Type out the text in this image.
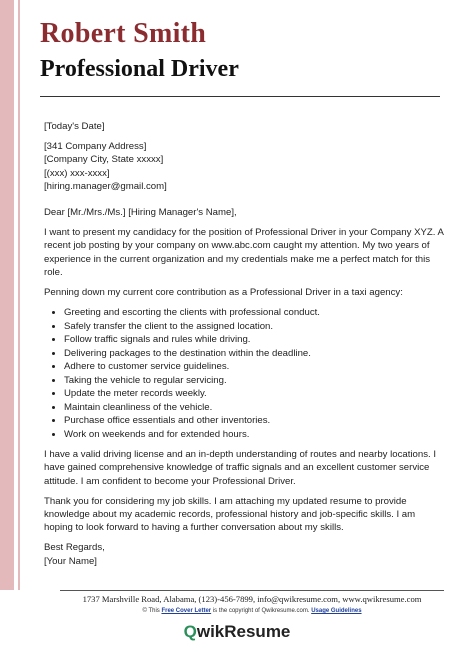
Robert Smith
Professional Driver

[Today's Date]

[341 Company Address]

[Company City, State xxxxx]

[(xxx) xxx-xxxx]

[hiring.manager@gmail.com]

Dear [Mr./Mrs./Ms.] [Hiring Manager's Name],

I want to present my candidacy for the position of Professional Driver in your Company XYZ. A recent job posting by your company on www.abc.com caught my attention. My two years of experience in the current organization and my credentials make me a perfect match for this role.

Penning down my current core contribution as a Professional Driver in a taxi agency:

• Greeting and escorting the clients with professional conduct.
• Safely transfer the client to the assigned location.
• Follow traffic signals and rules while driving.
• Delivering packages to the destination within the deadline.
• Adhere to customer service guidelines.
• Taking the vehicle to regular servicing.
• Update the meter records weekly.
• Maintain cleanliness of the vehicle.
• Purchase office essentials and other inventories.
• Work on weekends and for extended hours.

I have a valid driving license and an in-depth understanding of routes and nearby locations. I have gained comprehensive knowledge of traffic signals and an excellent customer service attitude. I am confident to become your Professional Driver.

Thank you for considering my job skills. I am attaching my updated resume to provide knowledge about my academic records, professional history and job-specific skills. I am hoping to look forward to having a further conversation about my skills.

Best Regards,

[Your Name]

1737 Marshville Road, Alabama, (123)-456-7899, info@qwikresume.com, www.qwikresume.com
© This Free Cover Letter is the copyright of Qwikresume.com. Usage Guidelines
QwikResume
